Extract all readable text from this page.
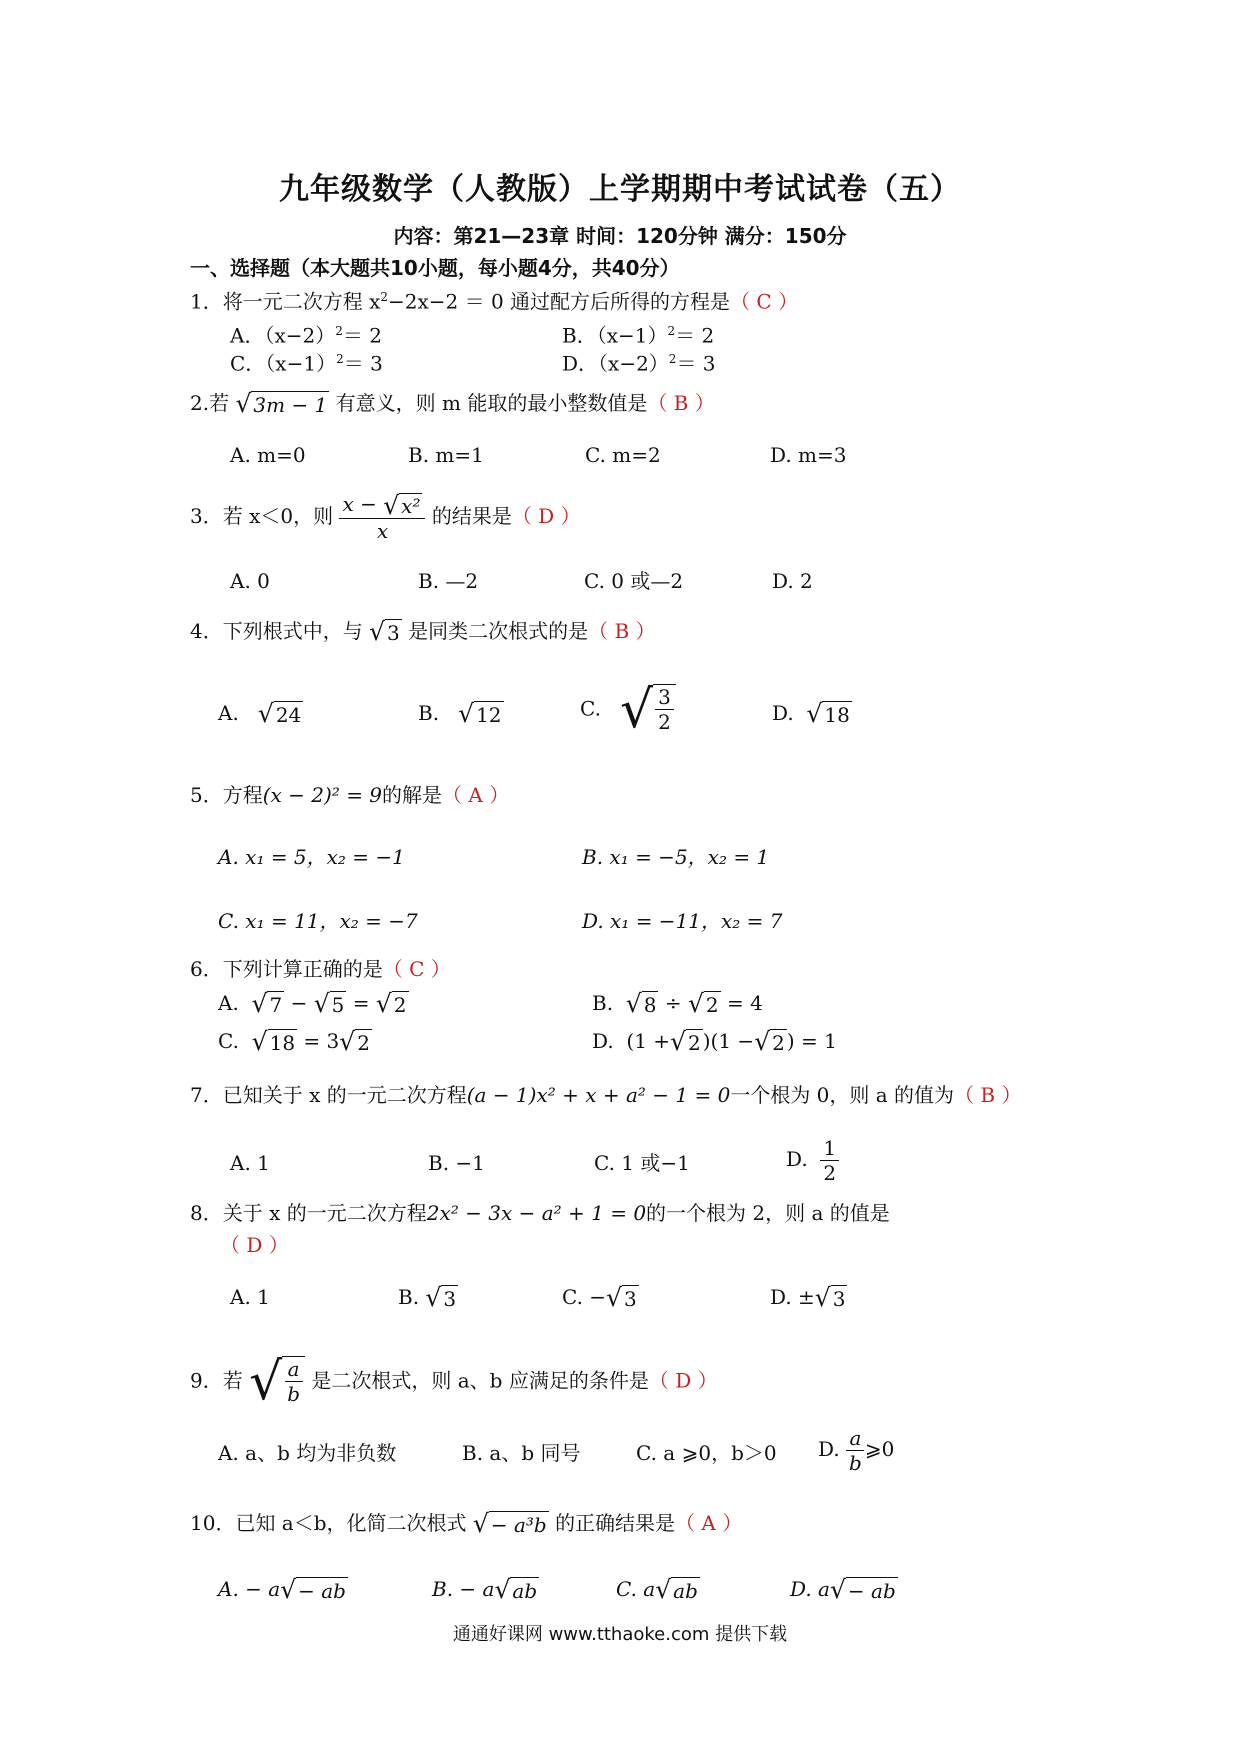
九年级数学（人教版）上学期期中考试试卷（五）
内容：第21—23章 时间：120分钟 满分：150分
一、选择题（本大题共10小题，每小题4分，共40分）
1．将一元二次方程 $x^2-2x-2 = 0$ 通过配方后所得的方程是（ C ）
A．$(x-2)^2= 2$	B．$(x-1)^2= 2$
C．$(x-1)^2= 3$	D．$(x-2)^2= 3$
2.若 √ 3m − 1 有意义，则 m 能取的最小整数值是（ B ）
A. m=0	B. m=1	C. m=2	D. m=3
3．若 x＜0，则 $\frac{\text{x − √ x²}}{x}$ 的结果是（ D ）
A. 0	B. —2	C. 0 或—2	D. 2
4．下列根式中，与 √ 3 是同类二次根式的是（ B ）
A. √ 24	B. √ 12	C. √ $\frac{3}{2}$	D. √ 18
5．方程(x − 2)² = 9的解是（ A ）
A. x₁ = 5，x₂ = −1	B. x₁ = −5，x₂ = 1
C. x₁ = 11，x₂ = −7	D. x₁ = −11，x₂ = 7
6．下列计算正确的是（ C ）
A. √ 7 − √ 5 = √ 2	B. √ 8 ÷ √ 2 = 4
C. √ 18 = 3 √ 2	D. (1 + √ 2 )(1 − √ 2 ) = 1
7．已知关于 x 的一元二次方程(a − 1)x² + x + a² − 1 = 0一个根为 0，则 a 的值为（ B ）
A. 1	B. −1	C. 1 或−1	D. $\frac{1}{2}$
8．关于 x 的一元二次方程2x² − 3x − a² + 1 = 0的一个根为 2，则 a 的值是
（ D ）
A. 1	B. √ 3	C. − √ 3	D. ± √ 3
9．若 √ $\frac{a}{b}$ 是二次根式，则 a、b 应满足的条件是（ D ）
A. a、b 均为非负数	B. a、b 同号	C. a ⩾0，b＞0 D. $\frac{a}{b}$ ⩾0
10．已知 a＜b，化简二次根式 √ − a³b 的正确结果是（ A ）
A. − a √ − ab	B. − a √ ab	C. a √ ab	D. a √ − ab
通通好课网 www.tthaoke.com 提供下载
